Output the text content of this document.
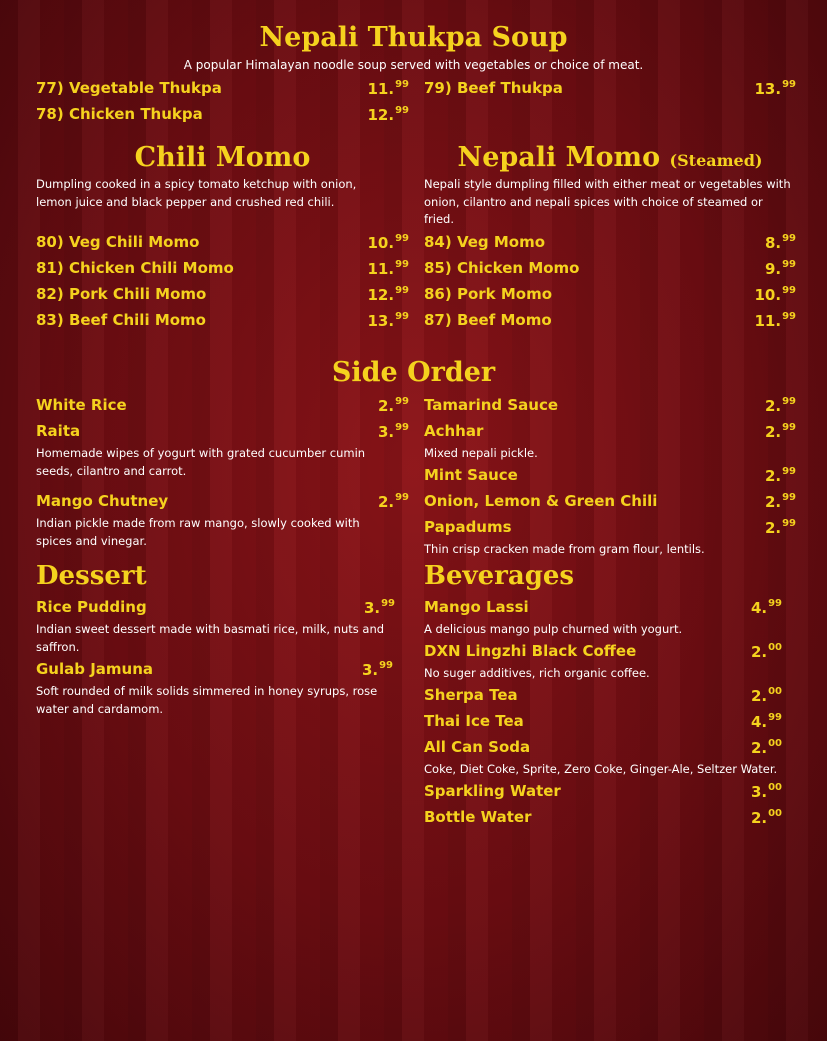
Nepali Thukpa Soup
A popular Himalayan noodle soup served with vegetables or choice of meat.
77) Vegetable Thukpa	11.99
78) Chicken Thukpa	12.99
79) Beef Thukpa	13.99
Chili Momo
Dumpling cooked in a spicy tomato ketchup with onion, lemon juice and black pepper and crushed red chili.
80) Veg Chili Momo	10.99
81) Chicken Chili Momo	11.99
82) Pork Chili Momo	12.99
83) Beef Chili Momo	13.99
Nepali Momo (Steamed)
Nepali style dumpling filled with either meat or vegetables with onion, cilantro and nepali spices with choice of steamed or fried.
84) Veg Momo	8.99
85) Chicken Momo	9.99
86) Pork Momo	10.99
87) Beef Momo	11.99
Side Order
White Rice	2.99
Raita	3.99
Homemade wipes of yogurt with grated cucumber cumin seeds, cilantro and carrot.
Mango Chutney	2.99
Indian pickle made from raw mango, slowly cooked with spices and vinegar.
Tamarind Sauce	2.99
Achhar	2.99
Mixed nepali pickle.
Mint Sauce	2.99
Onion, Lemon & Green Chili	2.99
Papadums	2.99
Thin crisp cracken made from gram flour, lentils.
Dessert
Rice Pudding	3.99
Indian sweet dessert made with basmati rice, milk, nuts and saffron.
Gulab Jamuna	3.99
Soft rounded of milk solids simmered in honey syrups, rose water and cardamom.
Beverages
Mango Lassi	4.99
A delicious mango pulp churned with yogurt.
DXN Lingzhi Black Coffee	2.00
No suger additives, rich organic coffee.
Sherpa Tea	2.00
Thai Ice Tea	4.99
All Can Soda	2.00
Coke, Diet Coke, Sprite, Zero Coke, Ginger-Ale, Seltzer Water.
Sparkling Water	3.00
Bottle Water	2.00
